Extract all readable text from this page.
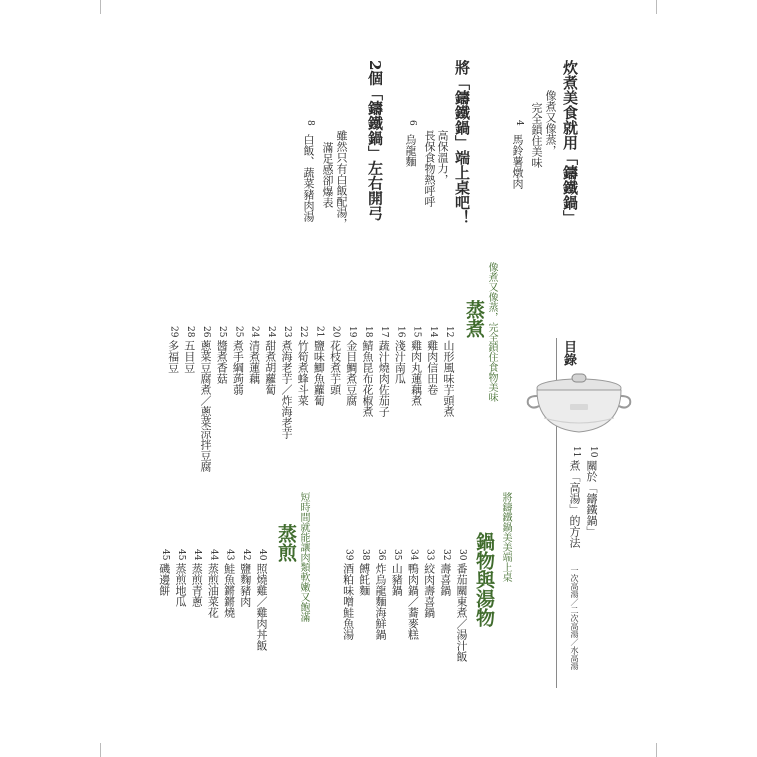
炊煮美食就用「鑄鐵鍋」
像煮又像蒸，
完全鎖住美味
4
馬鈴薯燉肉
將「鑄鐵鍋」端上桌吧！
高保溫力，
長保食物熱呼呼
6
烏龍麵
2個「鑄鐵鍋」左右開弓
雖然只有白飯配湯，
滿足感卻爆表
8
白飯、蔬菜豬肉湯
目錄
10
關於「鑄鐵鍋」
11
煮「高湯」的方法
一次高湯／二次高湯／水高湯
像煮又像蒸，完全鎖住食物美味
蒸煮
12
山形風味芋頭煮
14
雞肉信田卷
15
雞肉丸蓮藕煮
16
淺汁南瓜
17
蔬汁燒肉佐茄子
18
鯖魚昆布花椒煮
19
金目鯛煮豆腐
20
花枝煮芋頭
21
鹽味鯽魚蘿蔔
22
竹筍煮蜂斗菜
23
煮海老芋／炸海老芋
24
甜煮胡蘿蔔
24
清煮蓮藕
25
煮手綱蒟蒻
25
醬煮香菇
26
蔥菜豆腐煮／蔥菜涼拌豆腐
28
五目豆
29
多福豆
將鑄鐵鍋美美端上桌
鍋物與湯物
30
番茄關東煮／湯汁飯
32
壽喜鍋
33
絞肉壽喜鍋
34
鴨肉鍋／蕎麥糕
35
山豬鍋
36
炸烏龍麵海鮮鍋
38
餺飥麵
39
酒粕味噌鮭魚湯
短時間就能讓肉類軟嫩又飽滿
蒸煎
40
照燒雞／雞肉丼飯
42
鹽麴豬肉
43
鮭魚鏘鏘燒
44
蒸煎油菜花
44
蒸煎青蔥
45
蒸煎地瓜
45
磯邊餅
